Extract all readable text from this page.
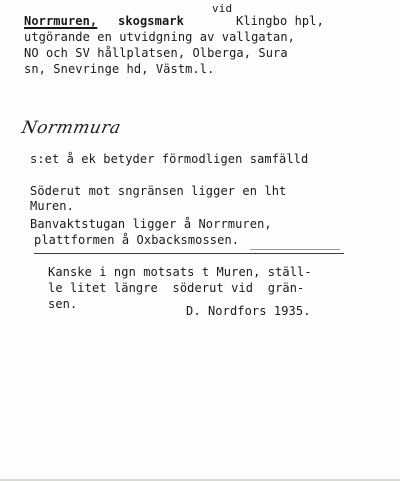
Norrmuren, skogsmark
vid
Klingbo hpl,
utgörande en utvidgning av vallgatan,
NO och SV hållplatsen, Olberga, Sura
sn, Snevringe hd, Västm.l.
Normmura
s:et å ek betyder förmodligen samfälld
Söderut mot sngränsen ligger en lht
Muren.
Banvaktstugan ligger å Norrmuren,
plattformen å Oxbacksmossen.
Kanske i ngn motsats t Muren, ställ-
le litet längre  söderut vid  grän-
sen.	D. Nordfors 1935.
